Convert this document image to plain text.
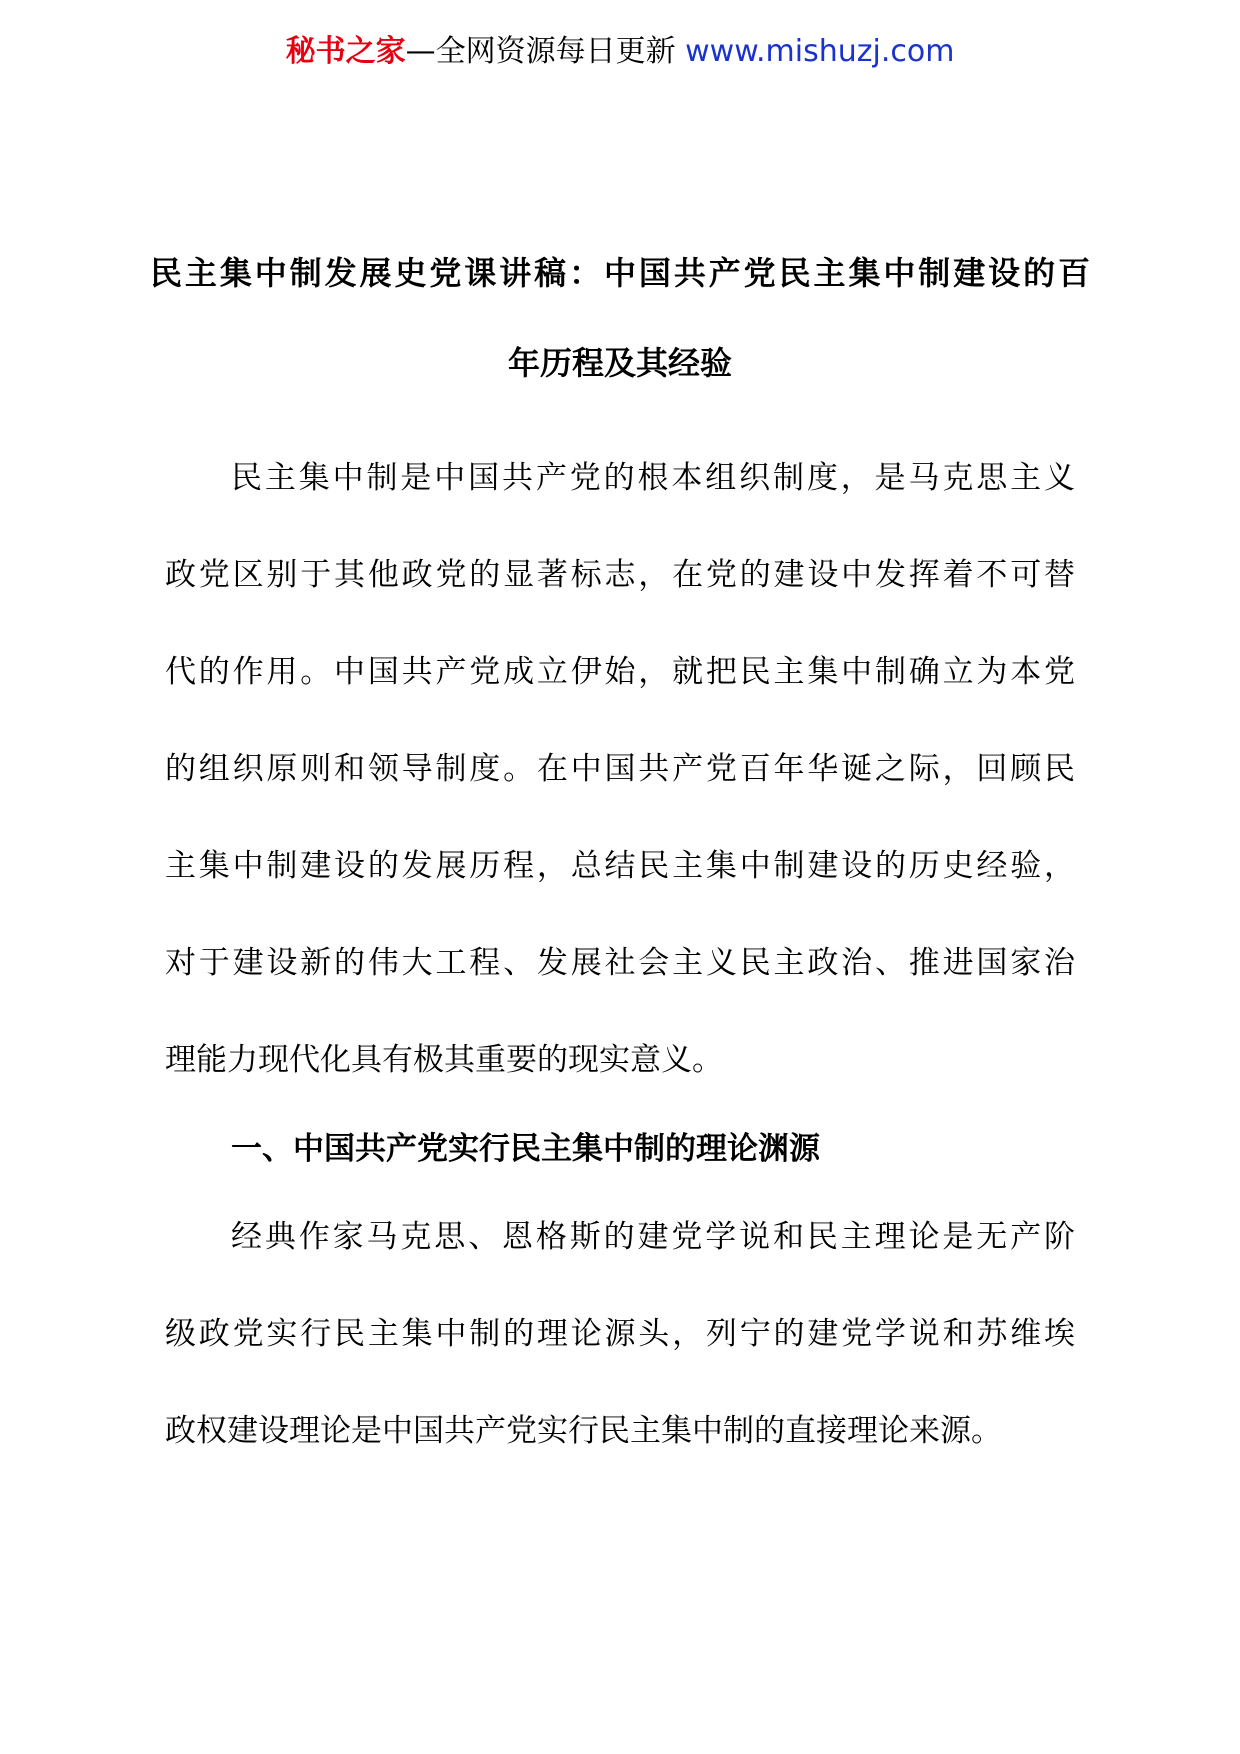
秘书之家—全网资源每日更新 www.mishuzj.com
民主集中制发展史党课讲稿：中国共产党民主集中制建设的百
年历程及其经验
民主集中制是中国共产党的根本组织制度，是马克思主义
政党区别于其他政党的显著标志，在党的建设中发挥着不可替
代的作用。中国共产党成立伊始，就把民主集中制确立为本党
的组织原则和领导制度。在中国共产党百年华诞之际，回顾民
主集中制建设的发展历程，总结民主集中制建设的历史经验，
对于建设新的伟大工程、发展社会主义民主政治、推进国家治
理能力现代化具有极其重要的现实意义。
一、中国共产党实行民主集中制的理论渊源
经典作家马克思、恩格斯的建党学说和民主理论是无产阶
级政党实行民主集中制的理论源头，列宁的建党学说和苏维埃
政权建设理论是中国共产党实行民主集中制的直接理论来源。
